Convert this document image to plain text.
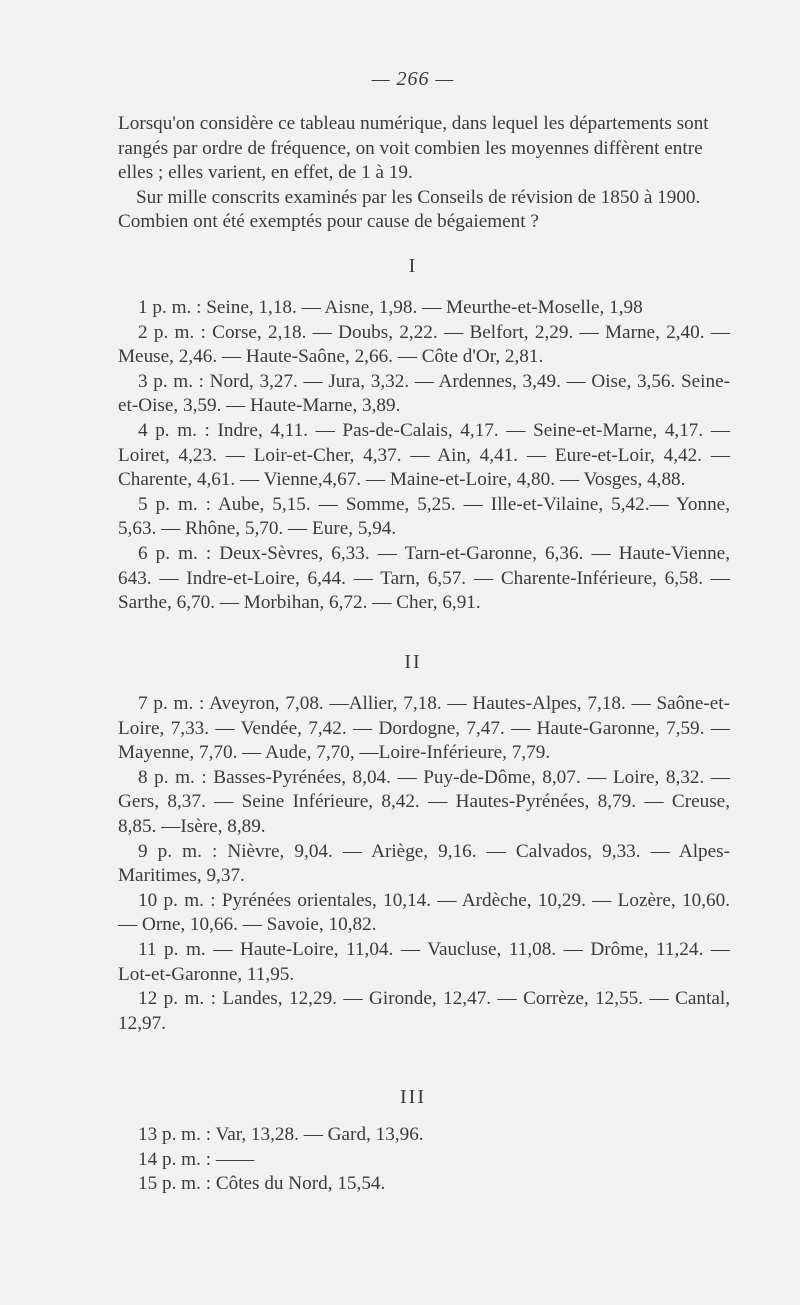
— 266 —

Lorsqu'on considère ce tableau numérique, dans lequel les départements sont rangés par ordre de fréquence, on voit combien les moyennes diffèrent entre elles ; elles varient, en effet, de 1 à 19.

Sur mille conscrits examinés par les Conseils de révision de 1850 à 1900. Combien ont été exemptés pour cause de bégaiement ?

I

1 p. m. : Seine, 1,18. — Aisne, 1,98. — Meurthe-et-Moselle, 1,98

2 p. m. : Corse, 2,18. — Doubs, 2,22. — Belfort, 2,29. — Marne, 2,40. — Meuse, 2,46. — Haute-Saône, 2,66. — Côte d'Or, 2,81.

3 p. m. : Nord, 3,27. — Jura, 3,32. — Ardennes, 3,49. — Oise, 3,56. Seine-et-Oise, 3,59. — Haute-Marne, 3,89.

4 p. m. : Indre, 4,11. — Pas-de-Calais, 4,17. — Seine-et-Marne, 4,17. — Loiret, 4,23. — Loir-et-Cher, 4,37. — Ain, 4,41. — Eure-et-Loir, 4,42. — Charente, 4,61. — Vienne,4,67. — Maine-et-Loire, 4,80. — Vosges, 4,88.

5 p. m. : Aube, 5,15. — Somme, 5,25. — Ille-et-Vilaine, 5,42.— Yonne, 5,63. — Rhône, 5,70. — Eure, 5,94.

6 p. m. : Deux-Sèvres, 6,33. — Tarn-et-Garonne, 6,36. — Haute-Vienne, 643. — Indre-et-Loire, 6,44. — Tarn, 6,57. — Charente-Inférieure, 6,58. — Sarthe, 6,70. — Morbihan, 6,72. — Cher, 6,91.

II

7 p. m. : Aveyron, 7,08. —Allier, 7,18. — Hautes-Alpes, 7,18. — Saône-et-Loire, 7,33. — Vendée, 7,42. — Dordogne, 7,47. — Haute-Garonne, 7,59. — Mayenne, 7,70. — Aude, 7,70, —Loire-Inférieure, 7,79.

8 p. m. : Basses-Pyrénées, 8,04. — Puy-de-Dôme, 8,07. — Loire, 8,32. — Gers, 8,37. — Seine Inférieure, 8,42. — Hautes-Pyrénées, 8,79. — Creuse, 8,85. —Isère, 8,89.

9 p. m. : Nièvre, 9,04. — Ariège, 9,16. — Calvados, 9,33. — Alpes-Maritimes, 9,37.

10 p. m. : Pyrénées orientales, 10,14. — Ardèche, 10,29. — Lozère, 10,60. — Orne, 10,66. — Savoie, 10,82.

11 p. m. — Haute-Loire, 11,04. — Vaucluse, 11,08. — Drôme, 11,24. — Lot-et-Garonne, 11,95.

12 p. m. : Landes, 12,29. — Gironde, 12,47. — Corrèze, 12,55. — Cantal, 12,97.

III

13 p. m. : Var, 13,28. — Gard, 13,96.

14 p. m. : ——

15 p. m. : Côtes du Nord, 15,54.
